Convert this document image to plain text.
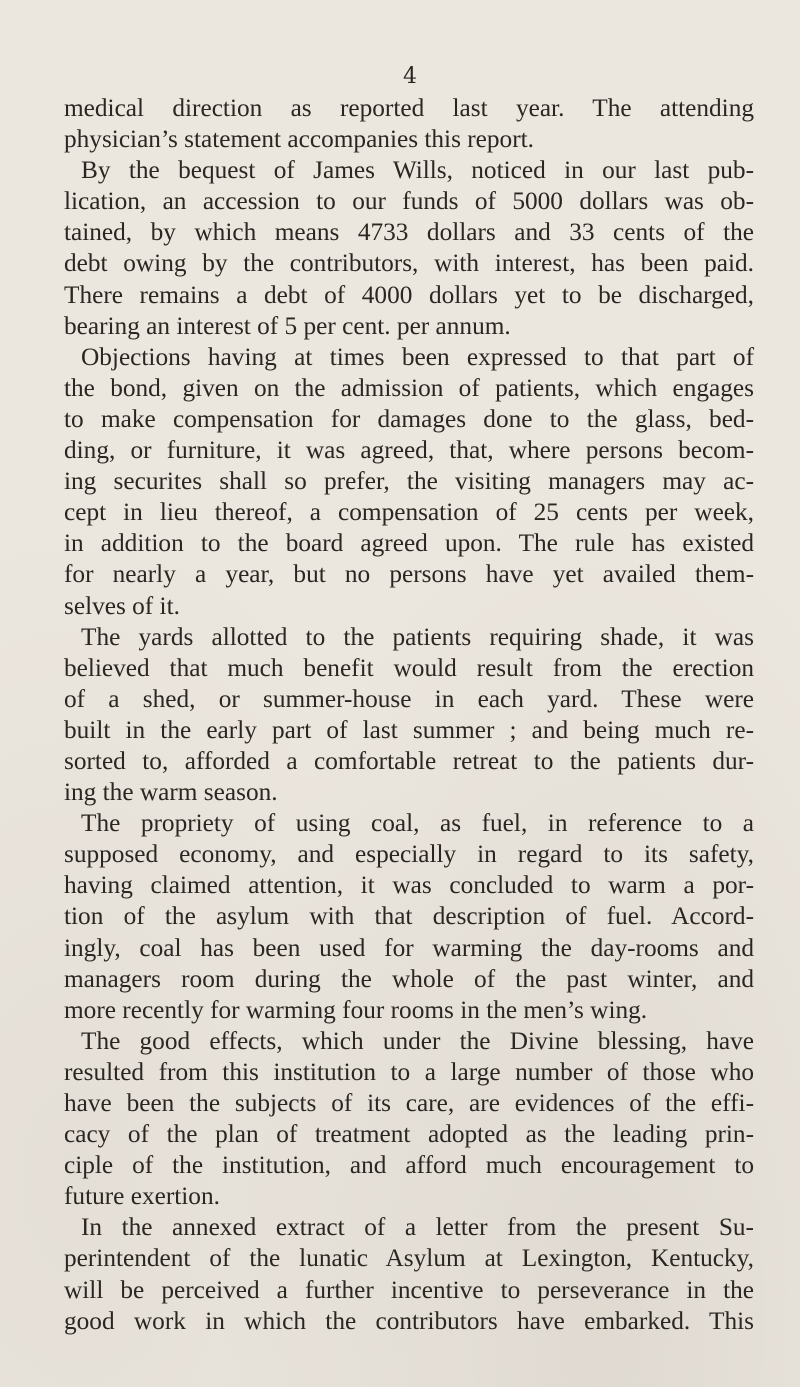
4
medical direction as reported last year. The attending
physician’s statement accompanies this report.
By the bequest of James Wills, noticed in our last pub-
lication, an accession to our funds of 5000 dollars was ob-
tained, by which means 4733 dollars and 33 cents of the
debt owing by the contributors, with interest, has been paid.
There remains a debt of 4000 dollars yet to be discharged,
bearing an interest of 5 per cent. per annum.
Objections having at times been expressed to that part of
the bond, given on the admission of patients, which engages
to make compensation for damages done to the glass, bed-
ding, or furniture, it was agreed, that, where persons becom-
ing securites shall so prefer, the visiting managers may ac-
cept in lieu thereof, a compensation of 25 cents per week,
in addition to the board agreed upon. The rule has existed
for nearly a year, but no persons have yet availed them-
selves of it.
The yards allotted to the patients requiring shade, it was
believed that much benefit would result from the erection
of a shed, or summer-house in each yard. These were
built in the early part of last summer ; and being much re-
sorted to, afforded a comfortable retreat to the patients dur-
ing the warm season.
The propriety of using coal, as fuel, in reference to a
supposed economy, and especially in regard to its safety,
having claimed attention, it was concluded to warm a por-
tion of the asylum with that description of fuel. Accord-
ingly, coal has been used for warming the day-rooms and
managers room during the whole of the past winter, and
more recently for warming four rooms in the men’s wing.
The good effects, which under the Divine blessing, have
resulted from this institution to a large number of those who
have been the subjects of its care, are evidences of the effi-
cacy of the plan of treatment adopted as the leading prin-
ciple of the institution, and afford much encouragement to
future exertion.
In the annexed extract of a letter from the present Su-
perintendent of the lunatic Asylum at Lexington, Kentucky,
will be perceived a further incentive to perseverance in the
good work in which the contributors have embarked. This
